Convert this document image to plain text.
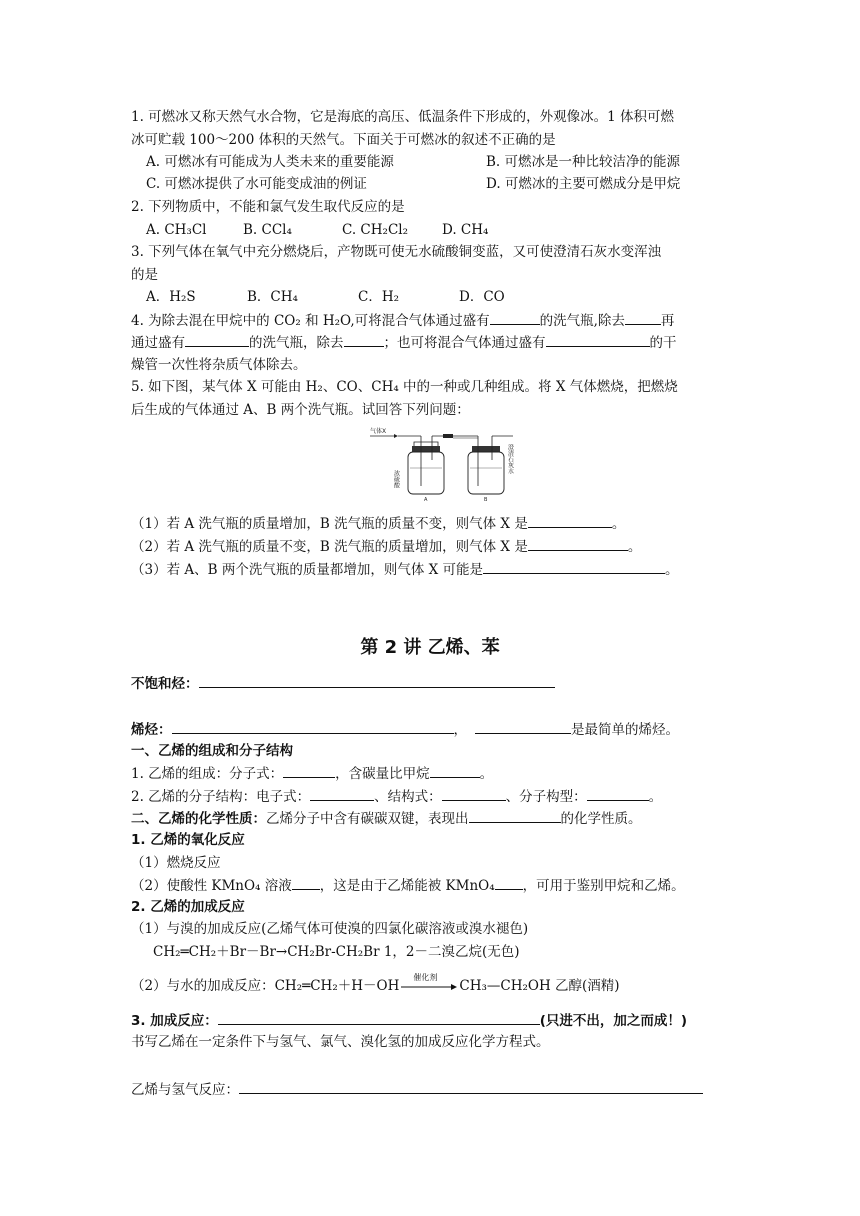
1. 可燃冰又称天然气水合物，它是海底的高压、低温条件下形成的，外观像冰。1 体积可燃
冰可贮载 100～200 体积的天然气。下面关于可燃冰的叙述不正确的是
A. 可燃冰有可能成为人类未来的重要能源	B. 可燃冰是一种比较洁净的能源
C. 可燃冰提供了水可能变成油的例证	D. 可燃冰的主要可燃成分是甲烷
2. 下列物质中，不能和氯气发生取代反应的是
A. CH₃Cl	B. CCl₄	C. CH₂Cl₂	D. CH₄
3. 下列气体在氧气中充分燃烧后，产物既可使无水硫酸铜变蓝，又可使澄清石灰水变浑浊
的是
A．H₂S	B．CH₄	C．H₂	D．CO
4. 为除去混在甲烷中的 CO₂ 和 H₂O,可将混合气体通过盛有	的洗气瓶,除去	再
通过盛有	的洗气瓶，除去	；也可将混合气体通过盛有	的干
燥管一次性将杂质气体除去。
5. 如下图，某气体 X 可能由 H₂、CO、CH₄ 中的一种或几种组成。将 X 气体燃烧，把燃烧
后生成的气体通过 A、B 两个洗气瓶。试回答下列问题：
气体X
浓硫酸
A
澄清石灰水
B
（1）若 A 洗气瓶的质量增加，B 洗气瓶的质量不变，则气体 X 是	。
（2）若 A 洗气瓶的质量不变，B 洗气瓶的质量增加，则气体 X 是	。
（3）若 A、B 两个洗气瓶的质量都增加，则气体 X 可能是	。
第 2 讲 乙烯、苯
不饱和烃：
烯烃：	，	是最简单的烯烃。
一、乙烯的组成和分子结构
1. 乙烯的组成：分子式：	，含碳量比甲烷	。
2. 乙烯的分子结构：电子式：	、结构式：	、分子构型：	。
二、乙烯的化学性质：乙烯分子中含有碳碳双键，表现出	的化学性质。
1. 乙烯的氧化反应
（1）燃烧反应
（2）使酸性 KMnO₄ 溶液 ，这是由于乙烯能被 KMnO₄ ，可用于鉴别甲烷和乙烯。
2. 乙烯的加成反应
（1）与溴的加成反应(乙烯气体可使溴的四氯化碳溶液或溴水褪色)
CH₂═CH₂＋Br－Br→CH₂Br-CH₂Br 1，2－二溴乙烷(无色)
（2）与水的加成反应：CH₂═CH₂＋H－OH
催化剂
CH₃—CH₂OH 乙醇(酒精)
3. 加成反应：	(只进不出，加之而成！)
书写乙烯在一定条件下与氢气、氯气、溴化氢的加成反应化学方程式。
乙烯与氢气反应：
